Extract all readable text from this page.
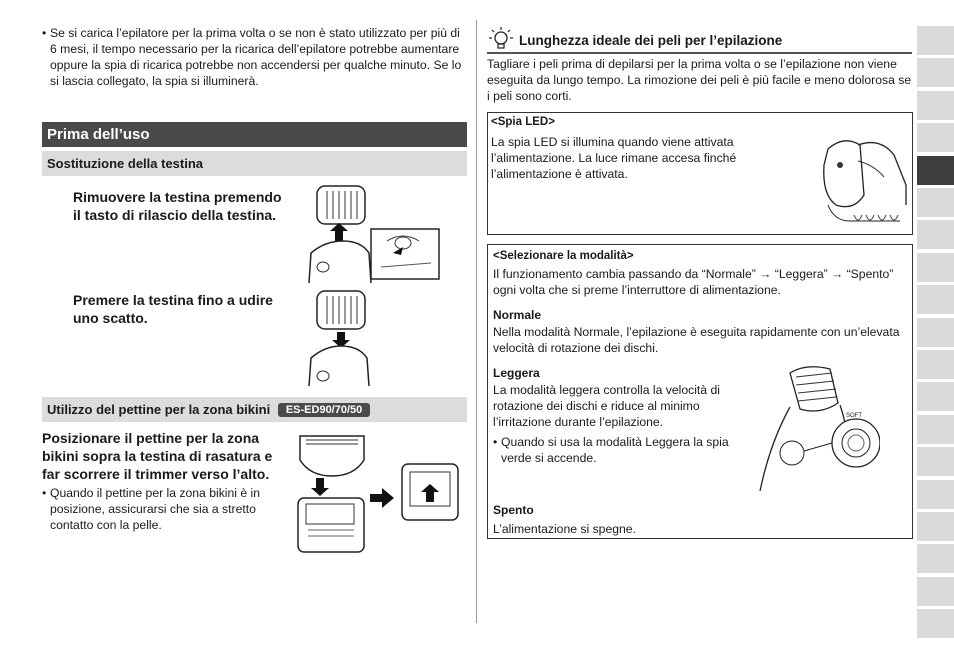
• Se si carica l’epilatore per la prima volta o se non è stato utilizzato per più di 6 mesi, il tempo necessario per la ricarica dell’epilatore potrebbe aumentare oppure la spia di ricarica potrebbe non accendersi per qualche minuto. Se lo si lascia collegato, la spia si illuminerà.
Prima dell’uso
Sostituzione della testina
Rimuovere la testina premendo il tasto di rilascio della testina.
Premere la testina fino a udire uno scatto.
Utilizzo del pettine per la zona bikini ES-ED90/70/50
Posizionare il pettine per la zona bikini sopra la testina di rasatura e far scorrere il trimmer verso l’alto.
• Quando il pettine per la zona bikini è in posizione, assicurarsi che sia a stretto contatto con la pelle.
Lunghezza ideale dei peli per l’epilazione
Tagliare i peli prima di depilarsi per la prima volta o se l’epilazione non viene eseguita da lungo tempo. La rimozione dei peli è più facile e meno dolorosa se i peli sono corti.
<Spia LED>
La spia LED si illumina quando viene attivata l’alimentazione. La luce rimane accesa finché l’alimentazione è attivata.
<Selezionare la modalità>
Il funzionamento cambia passando da “Normale” → “Leggera” → “Spento” ogni volta che si preme l’interruttore di alimentazione.
Normale
Nella modalità Normale, l’epilazione è eseguita rapidamente con un’elevata velocità di rotazione dei dischi.
Leggera
La modalità leggera controlla la velocità di rotazione dei dischi e riduce al minimo l’irritazione durante l’epilazione.
• Quando si usa la modalità Leggera la spia verde si accende.
SOFT
Spento
L’alimentazione si spegne.
